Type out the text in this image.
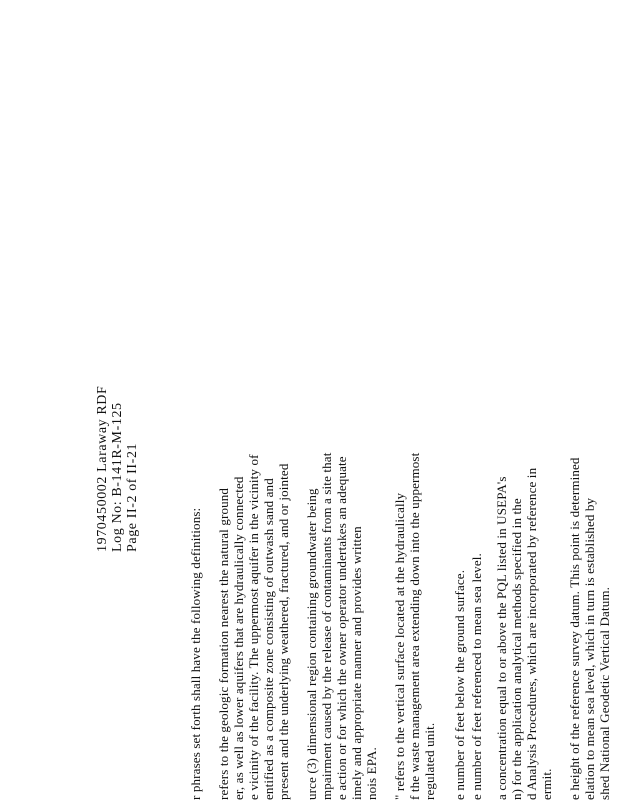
1970450002 Laraway RDF Log No: B-141R-M-125 Page II-2 of II-21
r phrases set forth shall have the following definitions: refers to the geologic formation nearest the natural ground er, as well as lower aquifers that are hydraulically connected e vicinity of the facility. The uppermost aquifer in the vicinity of entified as a composite zone consisting of outwash sand and present and the underlying weathered, fractured, and or jointed urce (3) dimensional region containing groundwater being mpairment caused by the release of contaminants from a site that e action or for which the owner operator undertakes an adequate imely and appropriate manner and provides written nois EPA. " refers to the vertical surface located at the hydraulically f the waste management area extending down into the uppermost regulated unit. e number of feet below the ground surface. e number of feet referenced to mean sea level. a concentration equal to or above the PQL listed in USEPA's n) for the application analytical methods specified in the d Analysis Procedures, which are incorporated by reference in ermit. e height of the reference survey datum. This point is determined elation to mean sea level, which in turn is established by shed National Geodetic Vertical Datum.
